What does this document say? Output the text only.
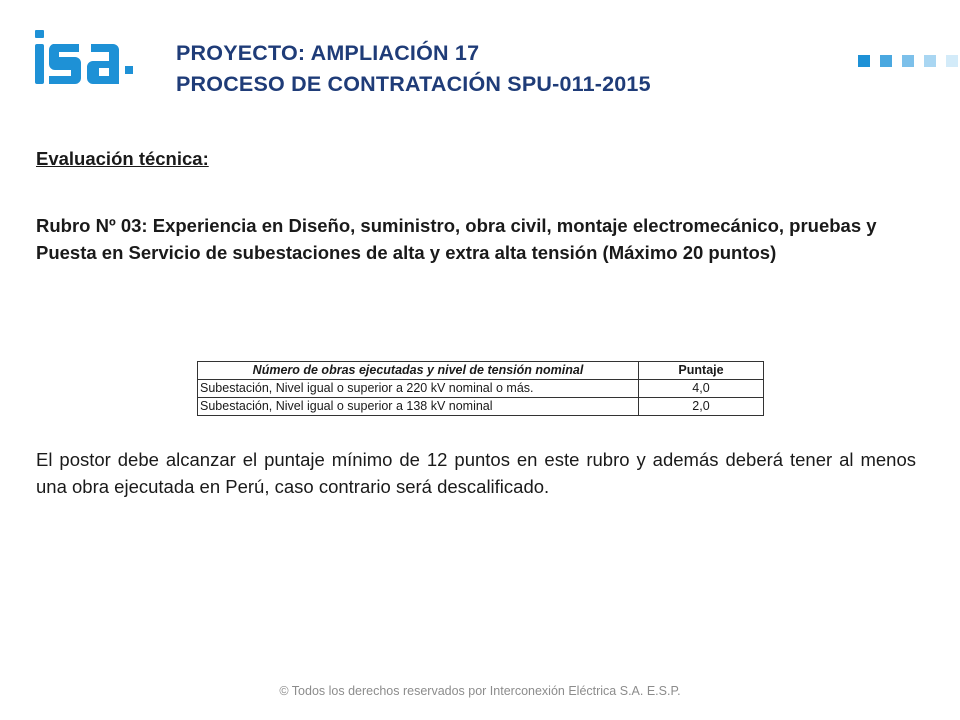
PROYECTO: AMPLIACIÓN 17
PROCESO DE CONTRATACIÓN SPU-011-2015

Evaluación técnica:

Rubro Nº 03: Experiencia en Diseño, suministro, obra civil, montaje electromecánico, pruebas y Puesta en Servicio de subestaciones de alta y extra alta tensión (Máximo 20 puntos)

Número de obras ejecutadas y nivel de tensión nominal	Puntaje
Subestación, Nivel igual o superior a 220 kV nominal o más.	4,0
Subestación, Nivel igual o superior a 138 kV nominal	2,0

El postor debe alcanzar el puntaje mínimo de 12 puntos en este rubro y además deberá tener al menos una obra ejecutada en Perú, caso contrario será descalificado.

© Todos los derechos reservados por Interconexión Eléctrica S.A. E.S.P.
